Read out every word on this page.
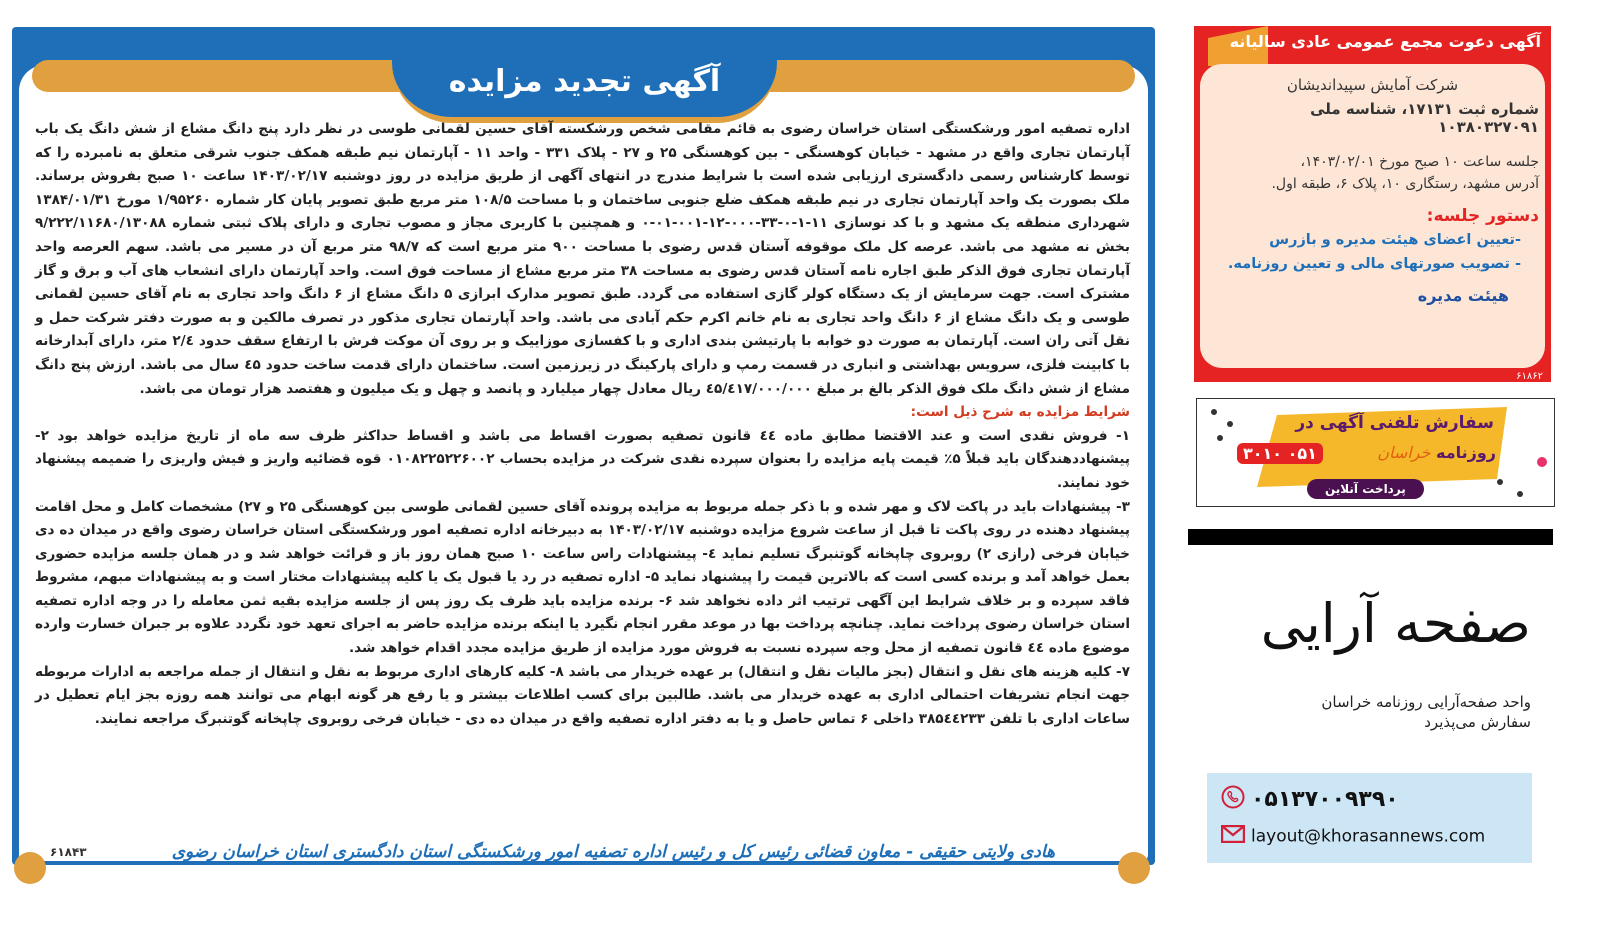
آگهی تجدید مزایده

اداره تصفیه امور ورشکستگی استان خراسان رضوی به قائم مقامی شخص ورشکسته آقای حسین لقمانی طوسی در نظر دارد پنج دانگ مشاع از شش دانگ یک باب آپارتمان تجاری واقع در مشهد - خیابان کوهسنگی - بین کوهسنگی ۲۵ و ۲۷ - پلاک ۳۳۱ - واحد ۱۱ - آپارتمان نیم طبقه همکف جنوب شرقی متعلق به نامبرده را که توسط کارشناس رسمی دادگستری ارزیابی شده است با شرایط مندرج در انتهای آگهی از طریق مزایده در روز دوشنبه ۱۴۰۳/۰۲/۱۷ ساعت ۱۰ صبح بفروش برساند. ملک بصورت یک واحد آپارتمان تجاری در نیم طبقه همکف ضلع جنوبی ساختمان و با مساحت ۱۰۸/۵ متر مربع طبق تصویر پایان کار شماره ۱/۹۵۲۶۰ مورخ ۱۳۸۴/۰۱/۳۱ شهرداری منطقه یک مشهد و با کد نوسازی ۱۱-۱-۰-۳۳-۰۰۰-۱۲-۰۰۱-۰۱-۰ و همچنین با کاربری مجاز و مصوب تجاری و دارای پلاک ثبتی شماره ۹/۲۲۲/۱۱۶۸۰/۱۳۰۸۸ بخش نه مشهد می باشد. عرصه کل ملک موقوفه آستان قدس رضوی با مساحت ۹۰۰ متر مربع است که ۹۸/۷ متر مربع آن در مسیر می باشد. سهم العرصه واحد آپارتمان تجاری فوق الذکر طبق اجاره نامه آستان قدس رضوی به مساحت ۳۸ متر مربع مشاع از مساحت فوق است. واحد آپارتمان دارای انشعاب های آب و برق و گاز مشترک است. جهت سرمایش از یک دستگاه کولر گازی استفاده می گردد. طبق تصویر مدارک ابرازی ۵ دانگ مشاع از ۶ دانگ واحد تجاری به نام آقای حسین لقمانی طوسی و یک دانگ مشاع از ۶ دانگ واحد تجاری به نام خانم اکرم حکم آبادی می باشد. واحد آپارتمان تجاری مذکور در تصرف مالکین و به صورت دفتر شرکت حمل و نقل آتی ران است. آپارتمان به صورت دو خوابه با پارتیشن بندی اداری و با کفسازی موزاییک و بر روی آن موکت فرش با ارتفاع سقف حدود ۲/٤ متر، دارای آبدارخانه با کابینت فلزی، سرویس بهداشتی و انباری در قسمت رمپ و دارای پارکینگ در زیرزمین است. ساختمان دارای قدمت ساخت حدود ٤۵ سال می باشد. ارزش پنج دانگ مشاع از شش دانگ ملک فوق الذکر بالغ بر مبلغ ٤۵/٤۱۷/۰۰۰/۰۰۰ ریال معادل چهار میلیارد و پانصد و چهل و یک میلیون و هفتصد هزار تومان می باشد.

شرایط مزایده به شرح ذیل است:

۱- فروش نقدی است و عند الاقتضا مطابق ماده ٤٤ قانون تصفیه بصورت اقساط می باشد و اقساط حداکثر ظرف سه ماه از تاریخ مزایده خواهد بود ۲- پیشنهاددهندگان باید قبلاً ۵٪ قیمت پایه مزایده را بعنوان سپرده نقدی شرکت در مزایده بحساب ۰۱۰۸۲۲۵۲۲۶۰۰۲ قوه قضائیه واریز و فیش واریزی را ضمیمه پیشنهاد خود نمایند.

۳- پیشنهادات باید در پاکت لاک و مهر شده و با ذکر جمله مربوط به مزایده پرونده آقای حسین لقمانی طوسی بین کوهسنگی ۲۵ و ۲۷) مشخصات کامل و محل اقامت پیشنهاد دهنده در روی پاکت تا قبل از ساعت شروع مزایده دوشنبه ۱۴۰۳/۰۲/۱۷ به دبیرخانه اداره تصفیه امور ورشکستگی استان خراسان رضوی واقع در میدان ده دی خیابان فرخی (رازی ۲) روبروی چاپخانه گوتنبرگ تسلیم نماید ٤- پیشنهادات راس ساعت ۱۰ صبح همان روز باز و قرائت خواهد شد و در همان جلسه مزایده حضوری بعمل خواهد آمد و برنده کسی است که بالاترین قیمت را پیشنهاد نماید ۵- اداره تصفیه در رد یا قبول یک یا کلیه پیشنهادات مختار است و به پیشنهادات مبهم، مشروط فاقد سپرده و بر خلاف شرایط این آگهی ترتیب اثر داده نخواهد شد ۶- برنده مزایده باید ظرف یک روز پس از جلسه مزایده بقیه ثمن معامله را در وجه اداره تصفیه استان خراسان رضوی پرداخت نماید. چنانچه پرداخت بها در موعد مقرر انجام نگیرد یا اینکه برنده مزایده حاضر به اجرای تعهد خود نگردد علاوه بر جبران خسارت وارده موضوع ماده ٤٤ قانون تصفیه از محل وجه سپرده نسبت به فروش مورد مزایده از طریق مزایده مجدد اقدام خواهد شد.

۷- کلیه هزینه های نقل و انتقال (بجز مالیات نقل و انتقال) بر عهده خریدار می باشد ۸- کلیه کارهای اداری مربوط به نقل و انتقال از جمله مراجعه به ادارات مربوطه جهت انجام تشریفات احتمالی اداری به عهده خریدار می باشد. طالبین برای کسب اطلاعات بیشتر و یا رفع هر گونه ابهام می توانند همه روزه بجز ایام تعطیل در ساعات اداری با تلفن ۳۸۵٤٤۲۳۳ داخلی ۶ تماس حاصل و یا به دفتر اداره تصفیه واقع در میدان ده دی - خیابان فرخی روبروی چاپخانه گوتنبرگ مراجعه نمایند.

هادی ولایتی حقیقی - معاون قضائی رئیس کل و رئیس اداره تصفیه امور ورشکستگی استان دادگستری استان خراسان رضوی
۶۱۸۴۳
آگهی دعوت مجمع عمومی عادی سالیانه
شرکت آمایش سپیداندیشان
شماره ثبت ۱۷۱۳۱، شناسه ملی ۱۰۳۸۰۳۲۷۰۹۱
جلسه ساعت ۱۰ صبح مورخ ۱۴۰۳/۰۲/۰۱،
آدرس مشهد، رستگاری ۱۰، پلاک ۶، طبقه اول.
دستور جلسه:
-تعیین اعضای هیئت مدیره و بازرس
- تصویب صورتهای مالی و تعیین روزنامه.
هیئت مدیره
۶۱۸۶۲
سفارش تلفنی آگهی در
روزنامه خراسان
۳۰۱۰ ۰۵۱
پرداخت آنلاین
صفحه آرایی
واحد صفحه‌آرایی روزنامه خراسان
سفارش می‌پذیرد
۰۵۱۳۷۰۰۹۳۹۰
layout@khorasannews.com
